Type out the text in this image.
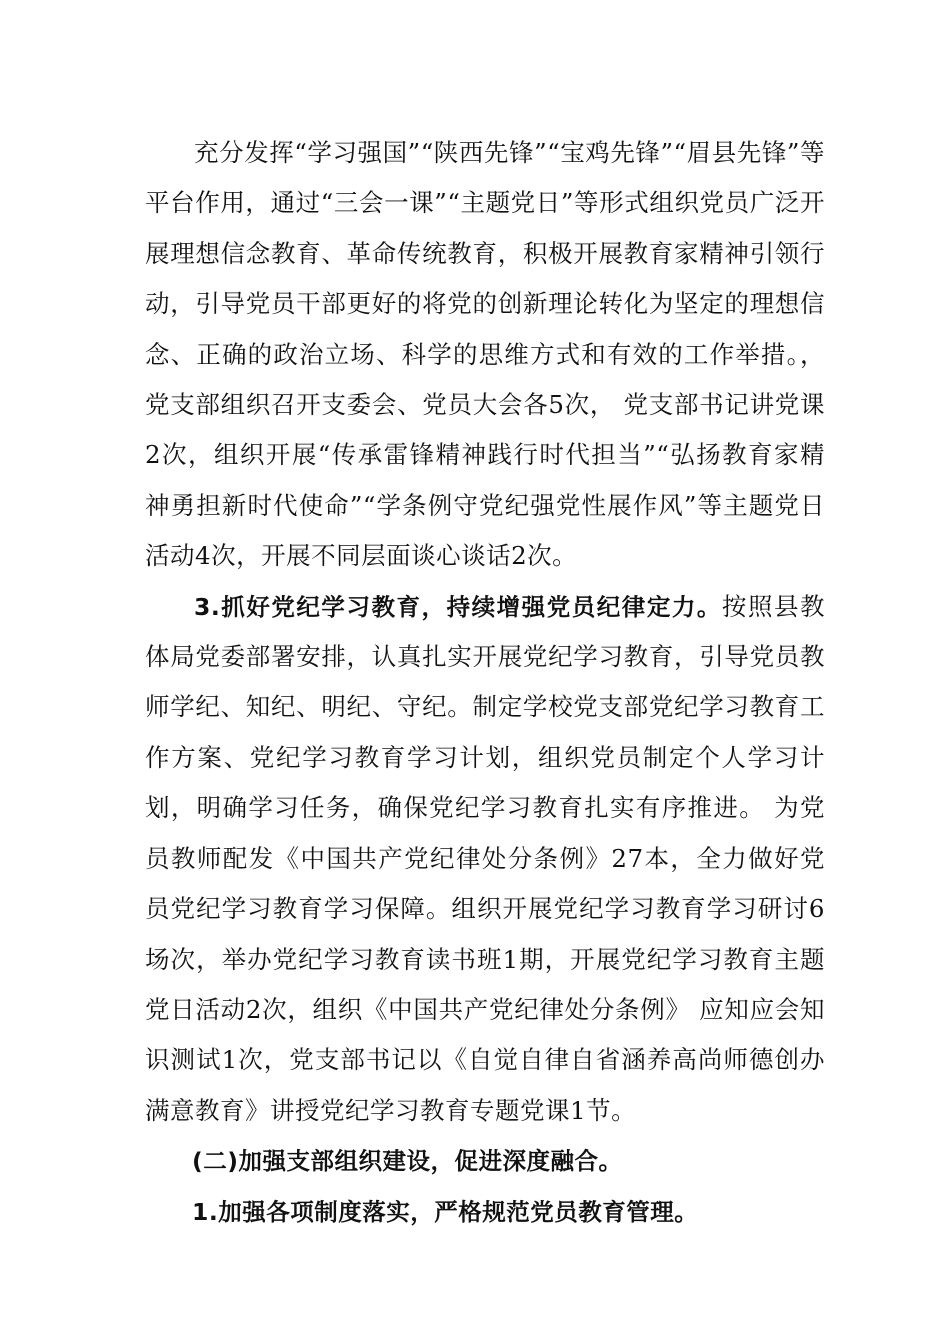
充分发挥“学习强国”“陕西先锋”“宝鸡先锋”“眉县先锋”等平台作用，通过“三会一课”“主题党日”等形式组织党员广泛开展理想信念教育、革命传统教育，积极开展教育家精神引领行动，引导党员干部更好的将党的创新理论转化为坚定的理想信念、正确的政治立场、科学的思维方式和有效的工作举措。，党支部组织召开支委会、党员大会各5次， 党支部书记讲党课2次，组织开展“传承雷锋精神践行时代担当”“弘扬教育家精神勇担新时代使命”“学条例守党纪强党性展作风”等主题党日活动4次，开展不同层面谈心谈话2次。

3.抓好党纪学习教育，持续增强党员纪律定力。按照县教体局党委部署安排，认真扎实开展党纪学习教育，引导党员教师学纪、知纪、明纪、守纪。制定学校党支部党纪学习教育工作方案、党纪学习教育学习计划，组织党员制定个人学习计划，明确学习任务，确保党纪学习教育扎实有序推进。 为党员教师配发《中国共产党纪律处分条例》27本，全力做好党员党纪学习教育学习保障。组织开展党纪学习教育学习研讨6场次，举办党纪学习教育读书班1期，开展党纪学习教育主题党日活动2次，组织《中国共产党纪律处分条例》 应知应会知识测试1次，党支部书记以《自觉自律自省涵养高尚师德创办满意教育》讲授党纪学习教育专题党课1节。

(二)加强支部组织建设，促进深度融合。

1.加强各项制度落实，严格规范党员教育管理。
